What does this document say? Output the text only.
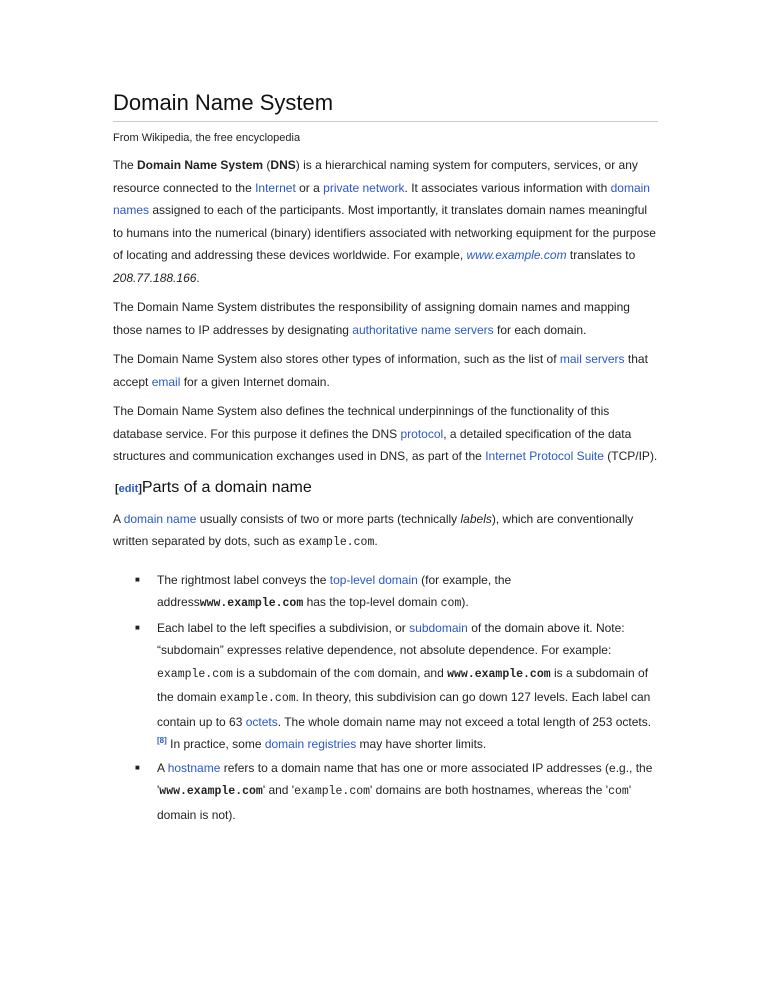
Domain Name System
From Wikipedia, the free encyclopedia

The Domain Name System (DNS) is a hierarchical naming system for computers, services, or any resource connected to the Internet or a private network. It associates various information with domain names assigned to each of the participants. Most importantly, it translates domain names meaningful to humans into the numerical (binary) identifiers associated with networking equipment for the purpose of locating and addressing these devices worldwide. For example, www.example.com translates to 208.77.188.166.

The Domain Name System distributes the responsibility of assigning domain names and mapping those names to IP addresses by designating authoritative name servers for each domain.

The Domain Name System also stores other types of information, such as the list of mail servers that accept email for a given Internet domain.

The Domain Name System also defines the technical underpinnings of the functionality of this database service. For this purpose it defines the DNS protocol, a detailed specification of the data structures and communication exchanges used in DNS, as part of the Internet Protocol Suite (TCP/IP).

[edit]Parts of a domain name

A domain name usually consists of two or more parts (technically labels), which are conventionally written separated by dots, such as example.com.

■	The rightmost label conveys the top-level domain (for example, the addresswww.example.com has the top-level domain com).
■	Each label to the left specifies a subdivision, or subdomain of the domain above it. Note: “subdomain” expresses relative dependence, not absolute dependence. For example: example.com is a subdomain of the com domain, and www.example.com is a subdomain of the domain example.com. In theory, this subdivision can go down 127 levels. Each label can contain up to 63 octets. The whole domain name may not exceed a total length of 253 octets. [8] In practice, some domain registries may have shorter limits.
■	A hostname refers to a domain name that has one or more associated IP addresses (e.g., the 'www.example.com' and 'example.com' domains are both hostnames, whereas the 'com' domain is not).
